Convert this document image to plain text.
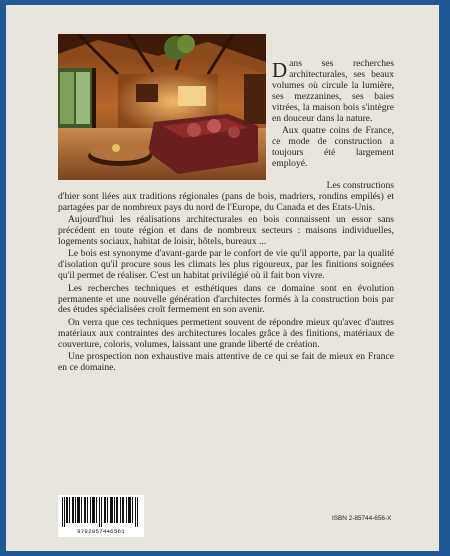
Dans ses recherches architecturales, ses beaux volumes où circule la lumière, ses mezzanines, ses baies vitrées, la maison bois s'intègre en douceur dans la nature.

Aux quatre coins de France, ce mode de construction a toujours été largement employé.

Les constructions
d'hier sont liées aux traditions régionales (pans de bois, madriers, rondins empilés) et partagées par de nombreux pays du nord de l'Europe, du Canada et des Etats-Unis.

Aujourd'hui les réalisations architecturales en bois connaissent un essor sans précédent en toute région et dans de nombreux secteurs : maisons individuelles, logements sociaux, habitat de loisir, hôtels, bureaux ...

Le bois est synonyme d'avant-garde par le confort de vie qu'il apporte, par la qualité d'isolation qu'il procure sous les climats les plus rigoureux, par les finitions soignées qu'il permet de réaliser. C'est un habitat privilégié où il fait bon vivre.

Les recherches techniques et esthétiques dans ce domaine sont en évolution permanente et une nouvelle génération d'architectes formés à la construction bois par des études spécialisées croît fermement en son avenir.

On verra que ces techniques permettent souvent de répondre mieux qu'avec d'autres matériaux aux contraintes des architectures locales grâce à des finitions, matériaux de couverture, coloris, volumes, laissant une grande liberté de création.

Une prospection non exhaustive mais attentive de ce qui se fait de mieux en France en ce domaine.

9782857446561
ISBN 2-85744-656-X
